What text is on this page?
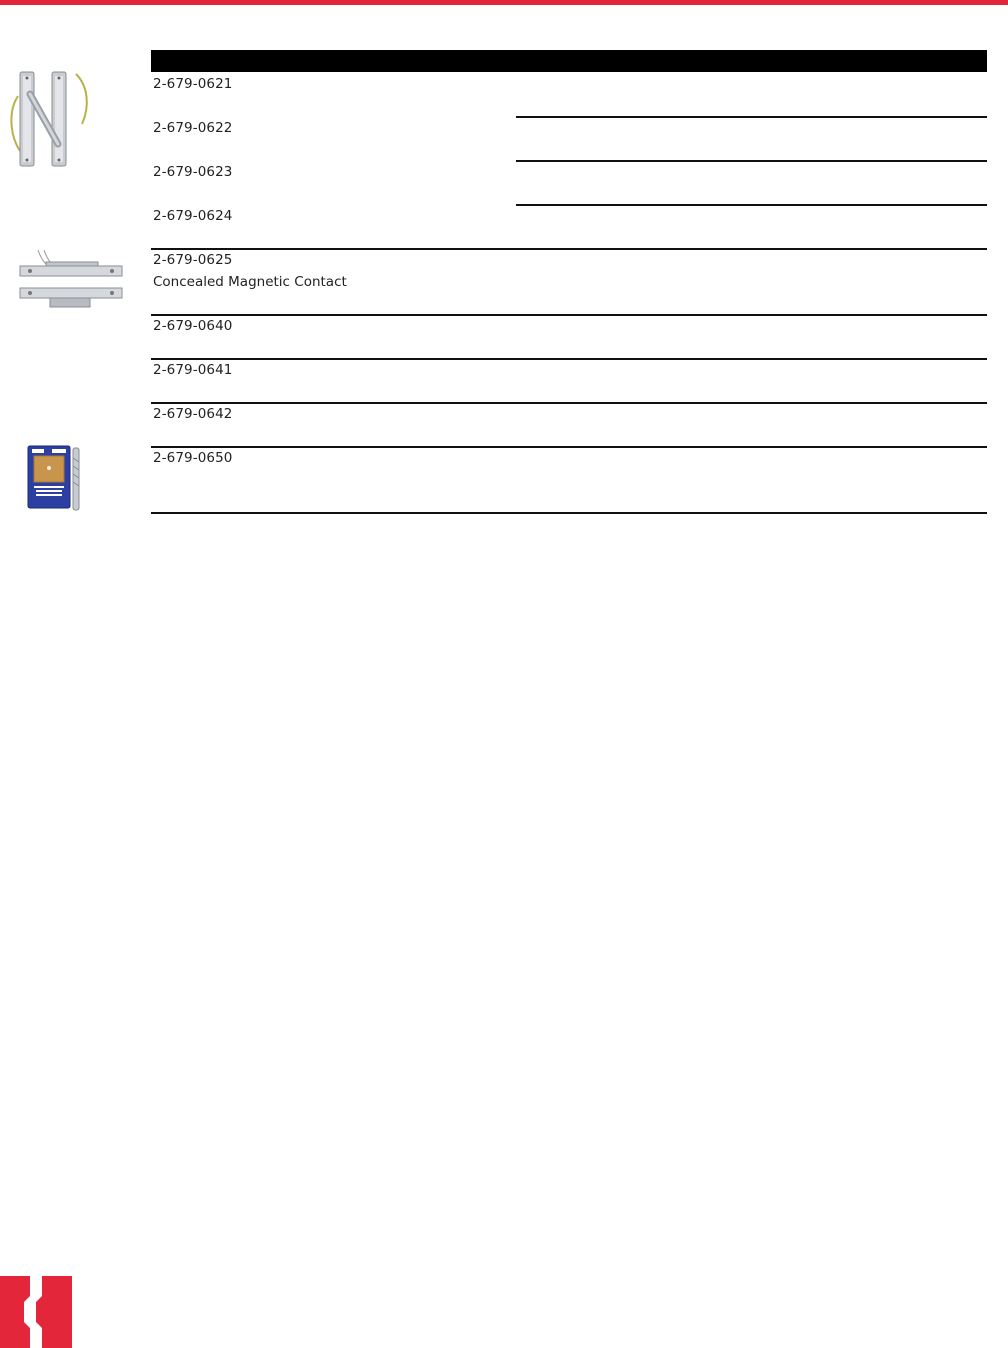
2-679-0621
2-679-0622
2-679-0623
2-679-0624
2-679-0625
Concealed Magnetic Contact
2-679-0640
2-679-0641
2-679-0642
2-679-0650
